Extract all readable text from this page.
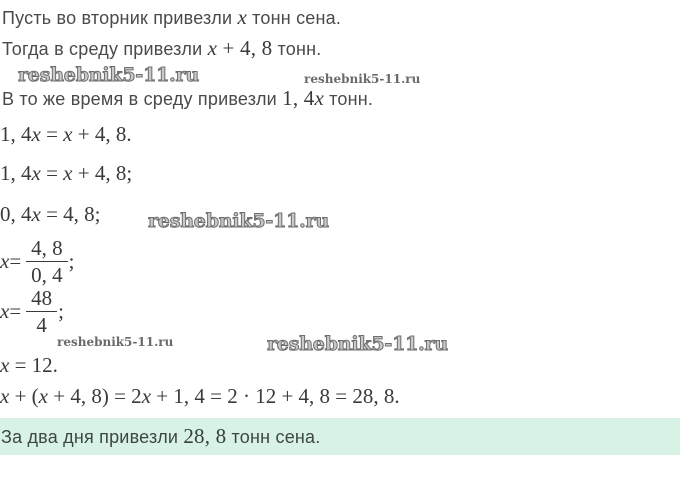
Пусть во вторник привезли x тонн сена.
Тогда в среду привезли x + 4, 8 тонн.
reshebnik5-11.ru	reshebnik5-11.ru
В то же время в среду привезли 1, 4x тонн.
1, 4x = x + 4, 8.
1, 4x = x + 4, 8;
0, 4x = 4, 8; reshebnik5-11.ru
$x = \frac{4, 8}{0, 4}$ ;
$x = \frac{48}{4}$ ;
reshebnik5-11.ru	reshebnik5-11.ru
x = 12.
x + (x + 4, 8) = 2x + 1, 4 = 2 · 12 + 4, 8 = 28, 8.
За два дня привезли 28, 8 тонн сена.
